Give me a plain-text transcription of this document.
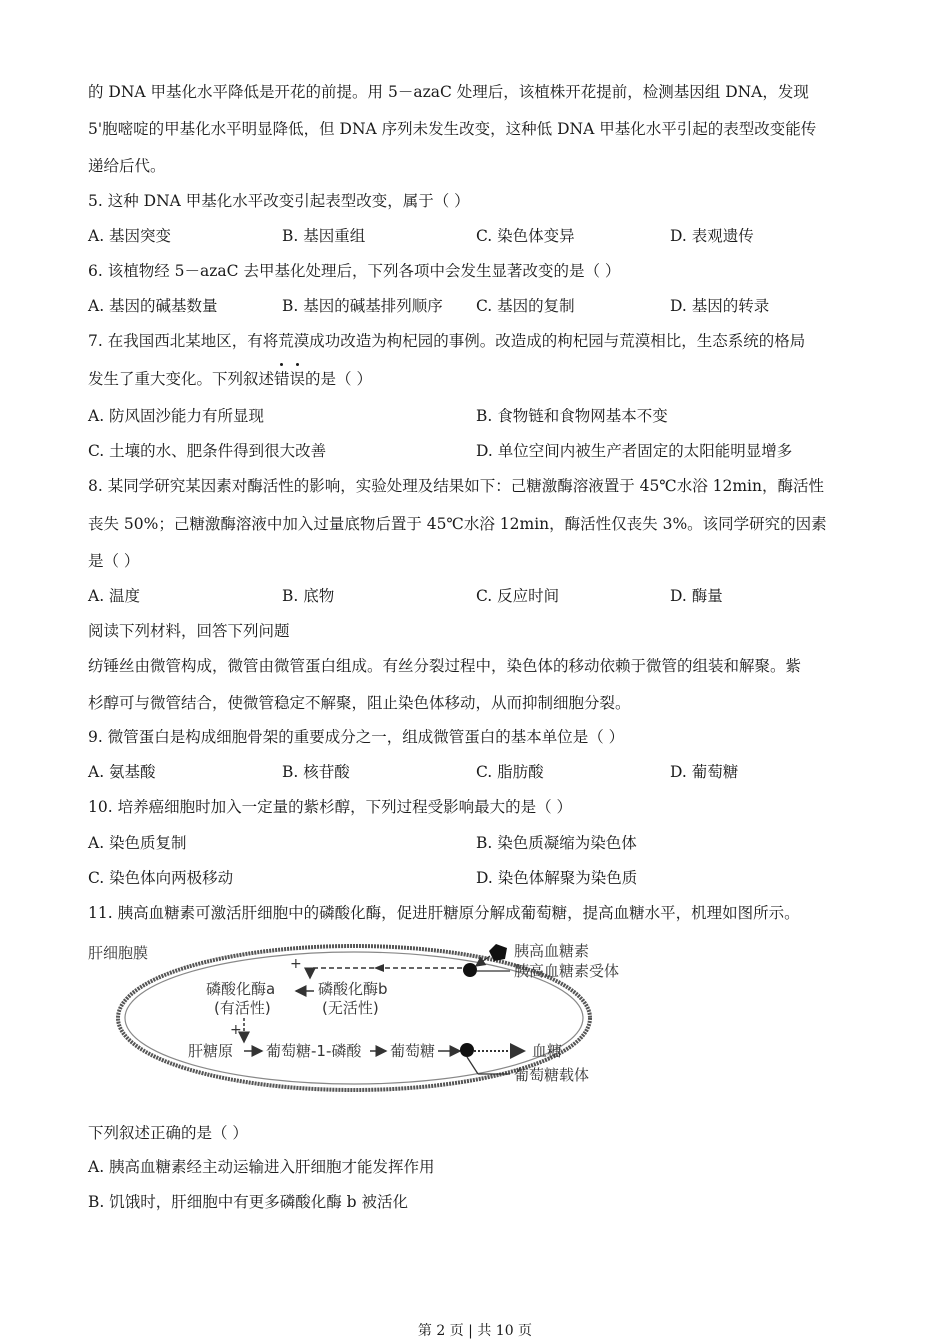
的 DNA 甲基化水平降低是开花的前提。用 5－azaC 处理后，该植株开花提前，检测基因组 DNA，发现
5'胞嘧啶的甲基化水平明显降低，但 DNA 序列未发生改变，这种低 DNA 甲基化水平引起的表型改变能传
递给后代。
5. 这种 DNA 甲基化水平改变引起表型改变，属于（ ）
A. 基因突变	B. 基因重组	C. 染色体变异	D. 表观遗传
6. 该植物经 5－azaC 去甲基化处理后，下列各项中会发生显著改变的是（ ）
A. 基因的碱基数量	B. 基因的碱基排列顺序 C. 基因的复制	D. 基因的转录
7. 在我国西北某地区，有将荒漠成功改造为枸杞园的事例。改造成的枸杞园与荒漠相比，生态系统的格局
发生了重大变化。下列叙述错误
的是（ ）
A. 防风固沙能力有所显现	B. 食物链和食物网基本不变
C. 土壤的水、肥条件得到很大改善	D. 单位空间内被生产者固定的太阳能明显增多
8. 某同学研究某因素对酶活性的影响，实验处理及结果如下：己糖激酶溶液置于 45℃水浴 12min，酶活性
丧失 50%；己糖激酶溶液中加入过量底物后置于 45℃水浴 12min，酶活性仅丧失 3%。该同学研究的因素
是（ ）
A. 温度	B. 底物	C. 反应时间	D. 酶量
阅读下列材料，回答下列问题
纺锤丝由微管构成，微管由微管蛋白组成。有丝分裂过程中，染色体的移动依赖于微管的组装和解聚。紫
杉醇可与微管结合，使微管稳定不解聚，阻止染色体移动，从而抑制细胞分裂。
9. 微管蛋白是构成细胞骨架的重要成分之一，组成微管蛋白的基本单位是（ ）
A. 氨基酸	B. 核苷酸	C. 脂肪酸	D. 葡萄糖
10. 培养癌细胞时加入一定量的紫杉醇，下列过程受影响最大的是（ ）
A. 染色质复制	B. 染色质凝缩为染色体
C. 染色体向两极移动	D. 染色体解聚为染色质
11. 胰高血糖素可激活肝细胞中的磷酸化酶，促进肝糖原分解成葡萄糖，提高血糖水平，机理如图所示。
肝细胞膜	胰高血糖素
胰高血糖素受体
+
磷酸化酶a
(有活性)
磷酸化酶b
(无活性)
+
肝糖原 葡萄糖-1-磷酸 葡萄糖	血糖
葡萄糖载体
下列叙述正确的是（ ）
A. 胰高血糖素经主动运输进入肝细胞才能发挥作用
B. 饥饿时，肝细胞中有更多磷酸化酶 b 被活化
第 2 页 | 共 10 页
